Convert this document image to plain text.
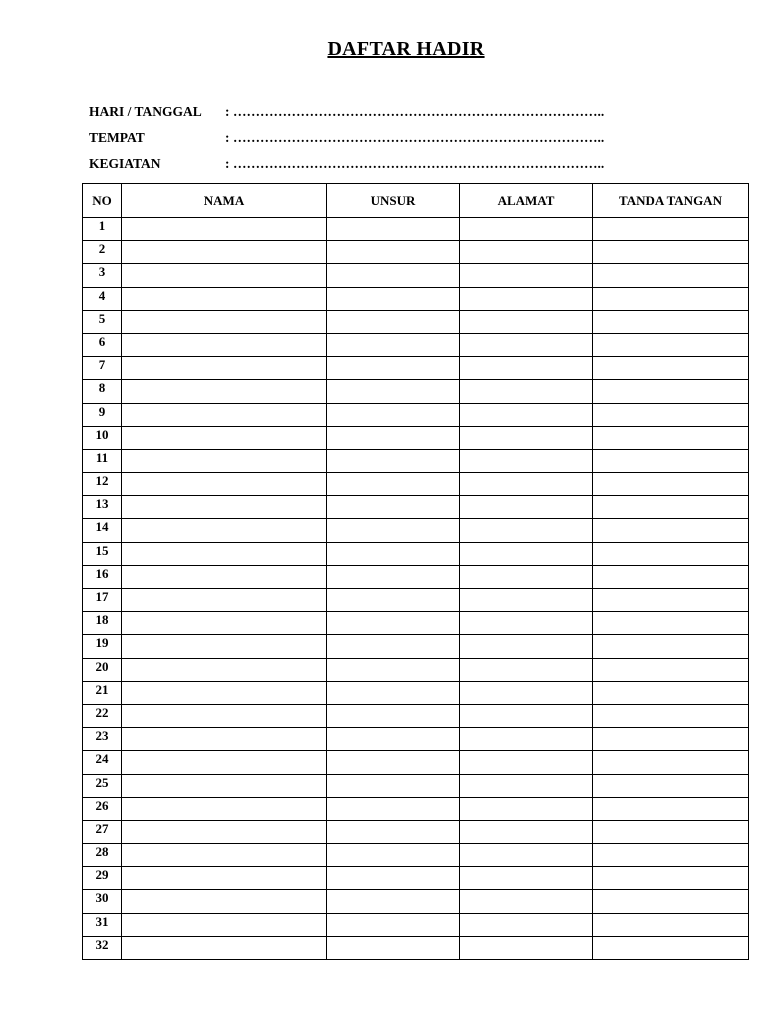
DAFTAR HADIR
HARI / TANGGAL : ………………………………………………………………………..
TEMPAT	: ………………………………………………………………………..
KEGIATAN	: ………………………………………………………………………..
NO	NAMA	UNSUR	ALAMAT	TANDA TANGAN
1				
2				
3				
4				
5				
6				
7				
8				
9				
10				
11				
12				
13				
14				
15				
16				
17				
18				
19				
20				
21				
22				
23				
24				
25				
26				
27				
28				
29				
30				
31				
32				
